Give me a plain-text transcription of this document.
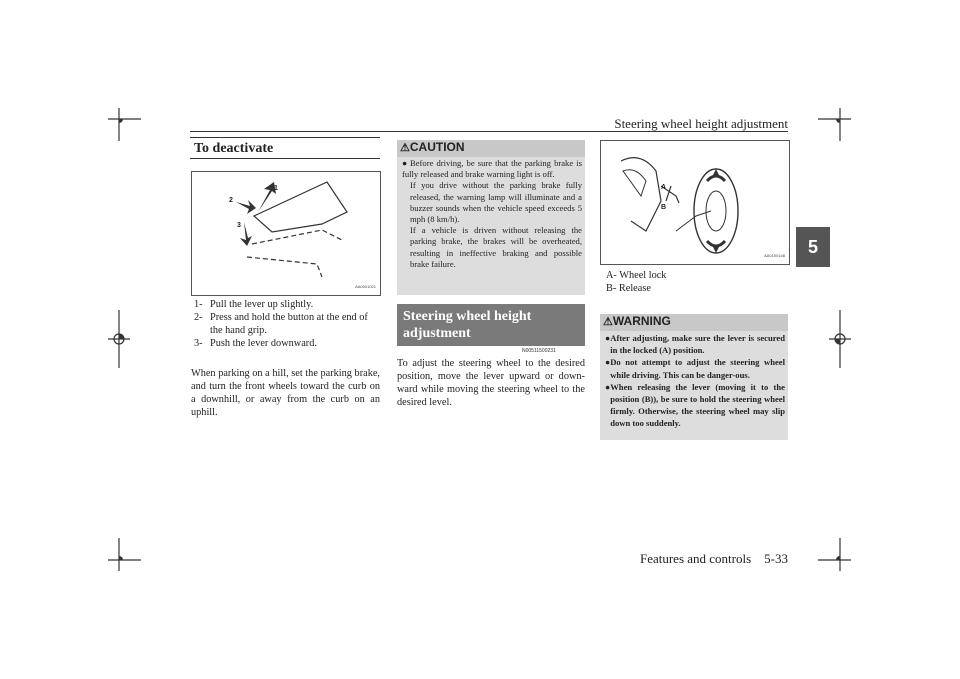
Steering wheel height adjustment
5
Features and controls    5-33
To deactivate
1
2
3
AA0001021
1- Pull the lever up slightly.
2- Press and hold the button at the end of the hand grip.
3- Push the lever downward.
When parking on a hill, set the parking brake, and turn the front wheels toward the curb on a downhill, or away from the curb on an uphill.
⚠CAUTION
● Before driving, be sure that the parking brake is fully released and brake warning light is off.
If you drive without the parking brake fully released, the warning lamp will illuminate and a buzzer sounds when the vehicle speed exceeds 5 mph (8 km/h).
If a vehicle is driven without releasing the parking brake, the brakes will be overheated, resulting in ineffective braking and possible brake failure.
Steering wheel height adjustment
N00511500231
To adjust the steering wheel to the desired position, move the lever upward or down-ward while moving the steering wheel to the desired level.
A
B
AA0100148
A- Wheel lock
B- Release
⚠WARNING
● After adjusting, make sure the lever is secured in the locked (A) position.
● Do not attempt to adjust the steering wheel while driving. This can be danger-ous.
● When releasing the lever (moving it to the position (B)), be sure to hold the steering wheel firmly. Otherwise, the steering wheel may slip down too suddenly.
